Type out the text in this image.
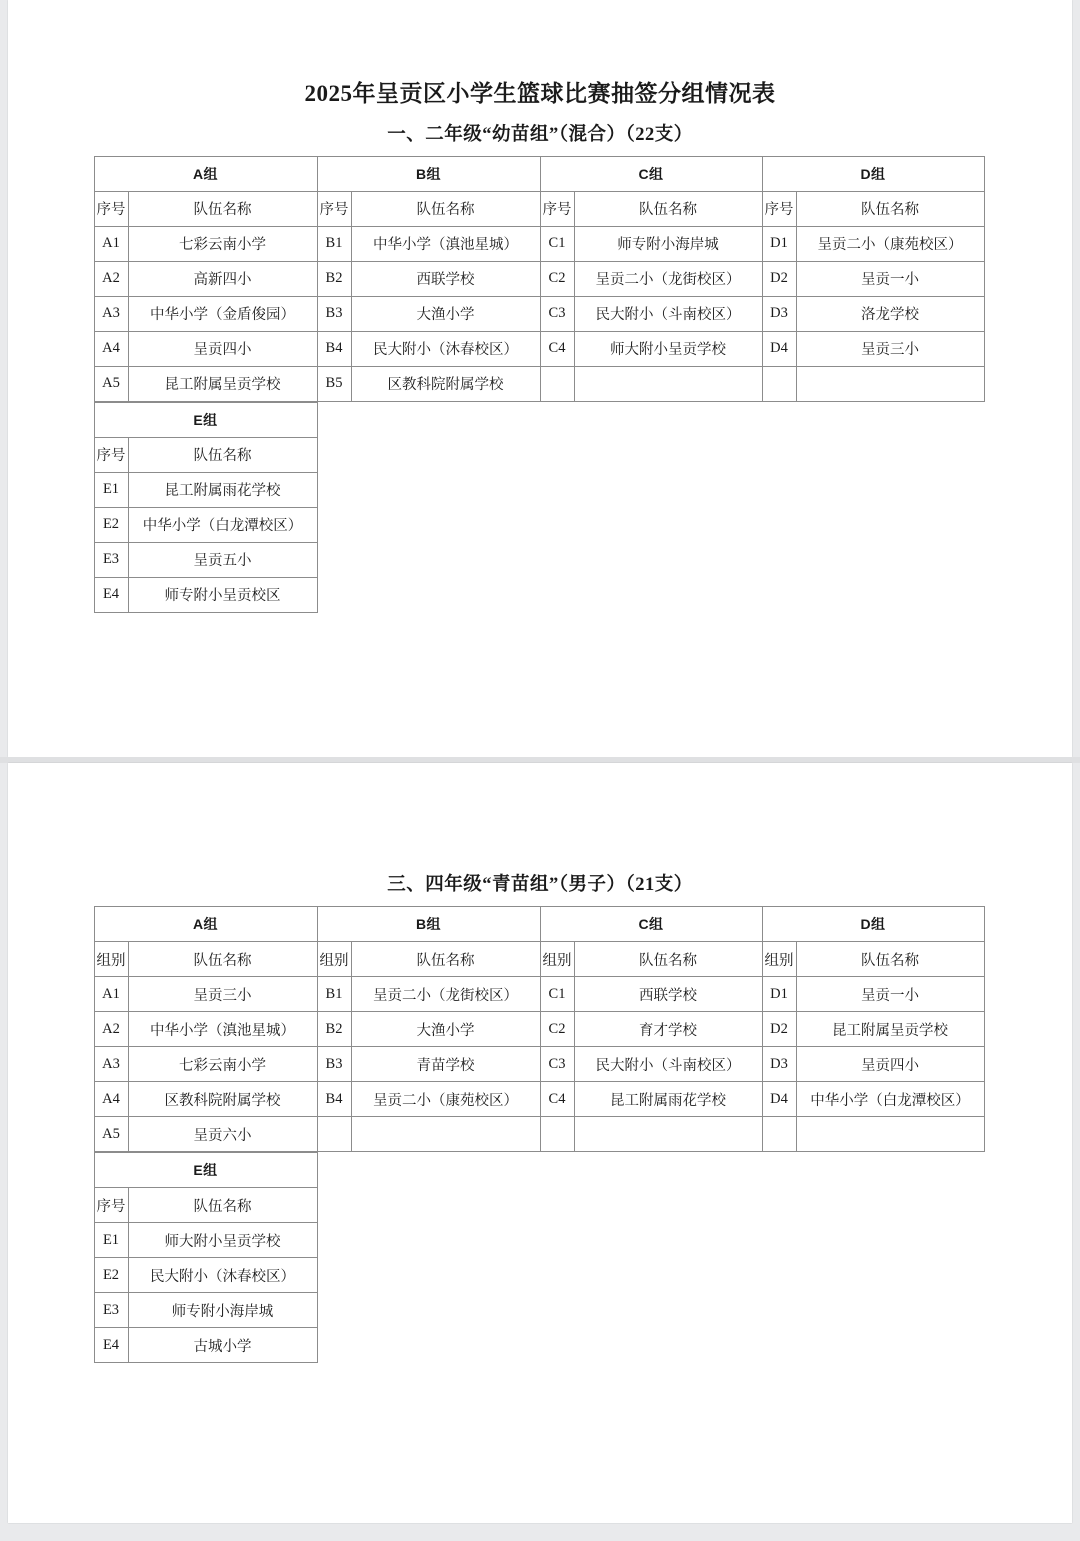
2025年呈贡区小学生篮球比赛抽签分组情况表
一、二年级“幼苗组”（混合）（22支）
A组		B组		C组		D组	
序号	队伍名称	序号	队伍名称	序号	队伍名称	序号	队伍名称
A1	七彩云南小学	B1	中华小学（滇池星城）	C1	师专附小海岸城	D1	呈贡二小（康苑校区）
A2	高新四小	B2	西联学校	C2	呈贡二小（龙街校区）	D2	呈贡一小
A3	中华小学（金盾俊园）	B3	大渔小学	C3	民大附小（斗南校区）	D3	洛龙学校
A4	呈贡四小	B4	民大附小（沐春校区）	C4	师大附小呈贡学校	D4	呈贡三小
A5	昆工附属呈贡学校	B5	区教科院附属学校				
E组	
序号	队伍名称
E1	昆工附属雨花学校
E2	中华小学（白龙潭校区）
E3	呈贡五小
E4	师专附小呈贡校区
三、四年级“青苗组”（男子）（21支）
A组		B组		C组		D组	
组别	队伍名称	组别	队伍名称	组别	队伍名称	组别	队伍名称
A1	呈贡三小	B1	呈贡二小（龙街校区）	C1	西联学校	D1	呈贡一小
A2	中华小学（滇池星城）	B2	大渔小学	C2	育才学校	D2	昆工附属呈贡学校
A3	七彩云南小学	B3	青苗学校	C3	民大附小（斗南校区）	D3	呈贡四小
A4	区教科院附属学校	B4	呈贡二小（康苑校区）	C4	昆工附属雨花学校	D4	中华小学（白龙潭校区）
A5	呈贡六小						
E组	
序号	队伍名称
E1	师大附小呈贡学校
E2	民大附小（沐春校区）
E3	师专附小海岸城
E4	古城小学
